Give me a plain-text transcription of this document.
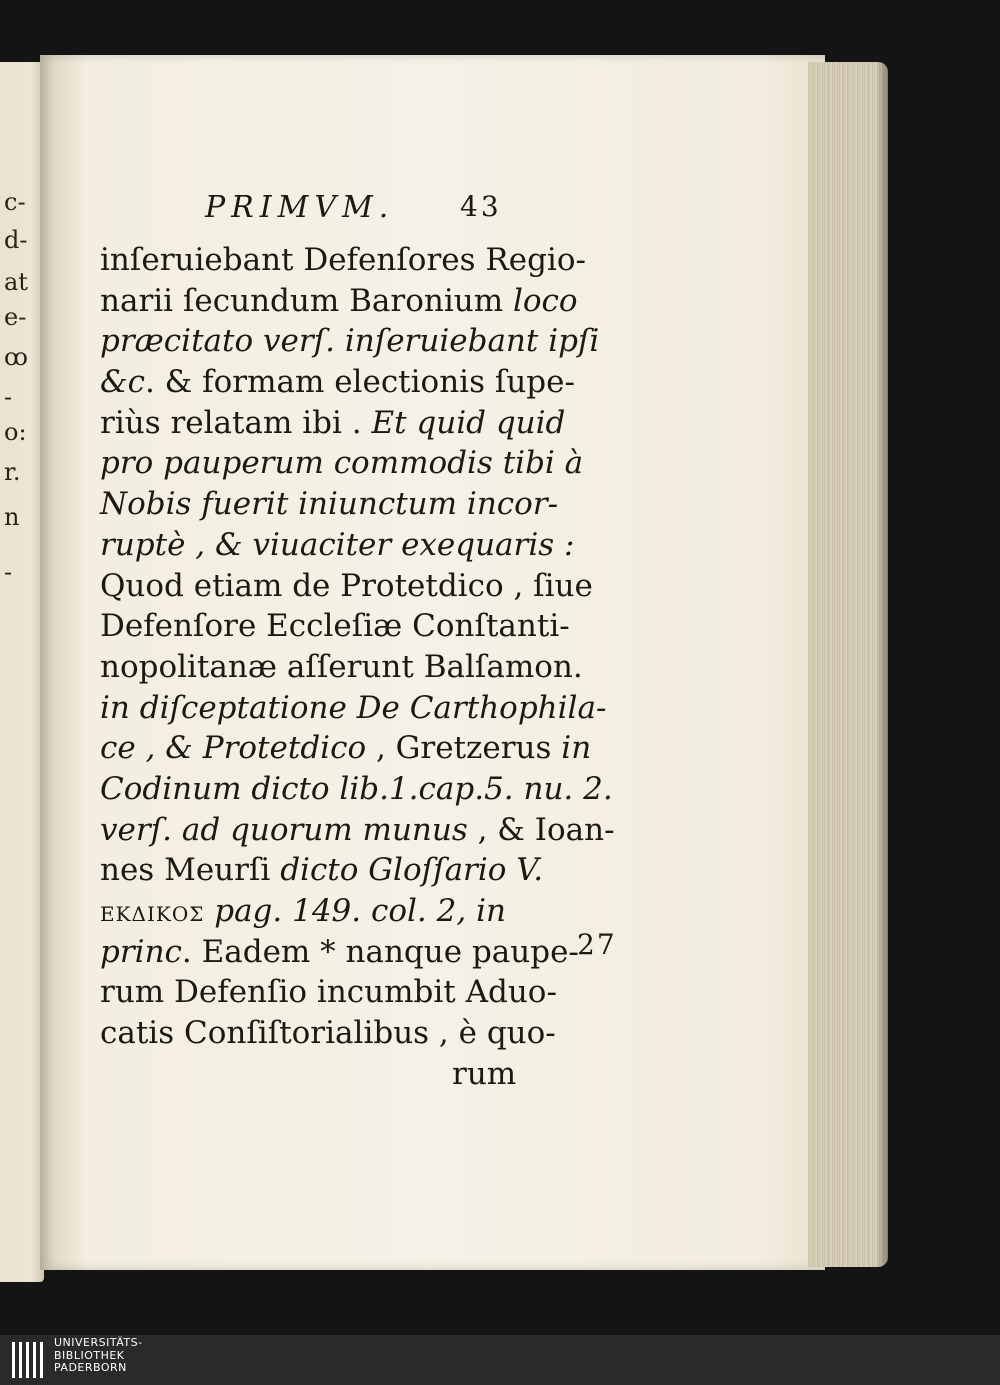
c-
d-
at
e-
ꝏ
-
o:
r.
n
-
PRIMVM. 43
inſeruiebant Defenſores Regio-
narii ſecundum Baronium loco
præcitato verſ. inſeruiebant ipſi
&c. & formam electionis ſupe-
riùs relatam ibi . Et quid quid
pro pauperum commodis tibi à
Nobis fuerit iniunctum incor-
ruptè , & viuaciter exequaris :
Quod etiam de Protetdico , ſiue
Defenſore Eccleſiæ Conſtanti-
nopolitanæ aſſerunt Balſamon.
in diſceptatione De Carthophila-
ce , & Protetdico , Gretzerus in
Codinum dicto lib.1.cap.5. nu. 2.
verſ. ad quorum munus , & Ioan-
nes Meurſi dicto Gloſſario V.
ΕΚΔΙΚΟΣ pag. 149. col. 2, in
princ. Eadem * nanque paupe-
rum Defenſio incumbit Aduo-
catis Conſiſtorialibus , è quo-
rum
27
UNIVERSITÄTS-
BIBLIOTHEK
PADERBORN
